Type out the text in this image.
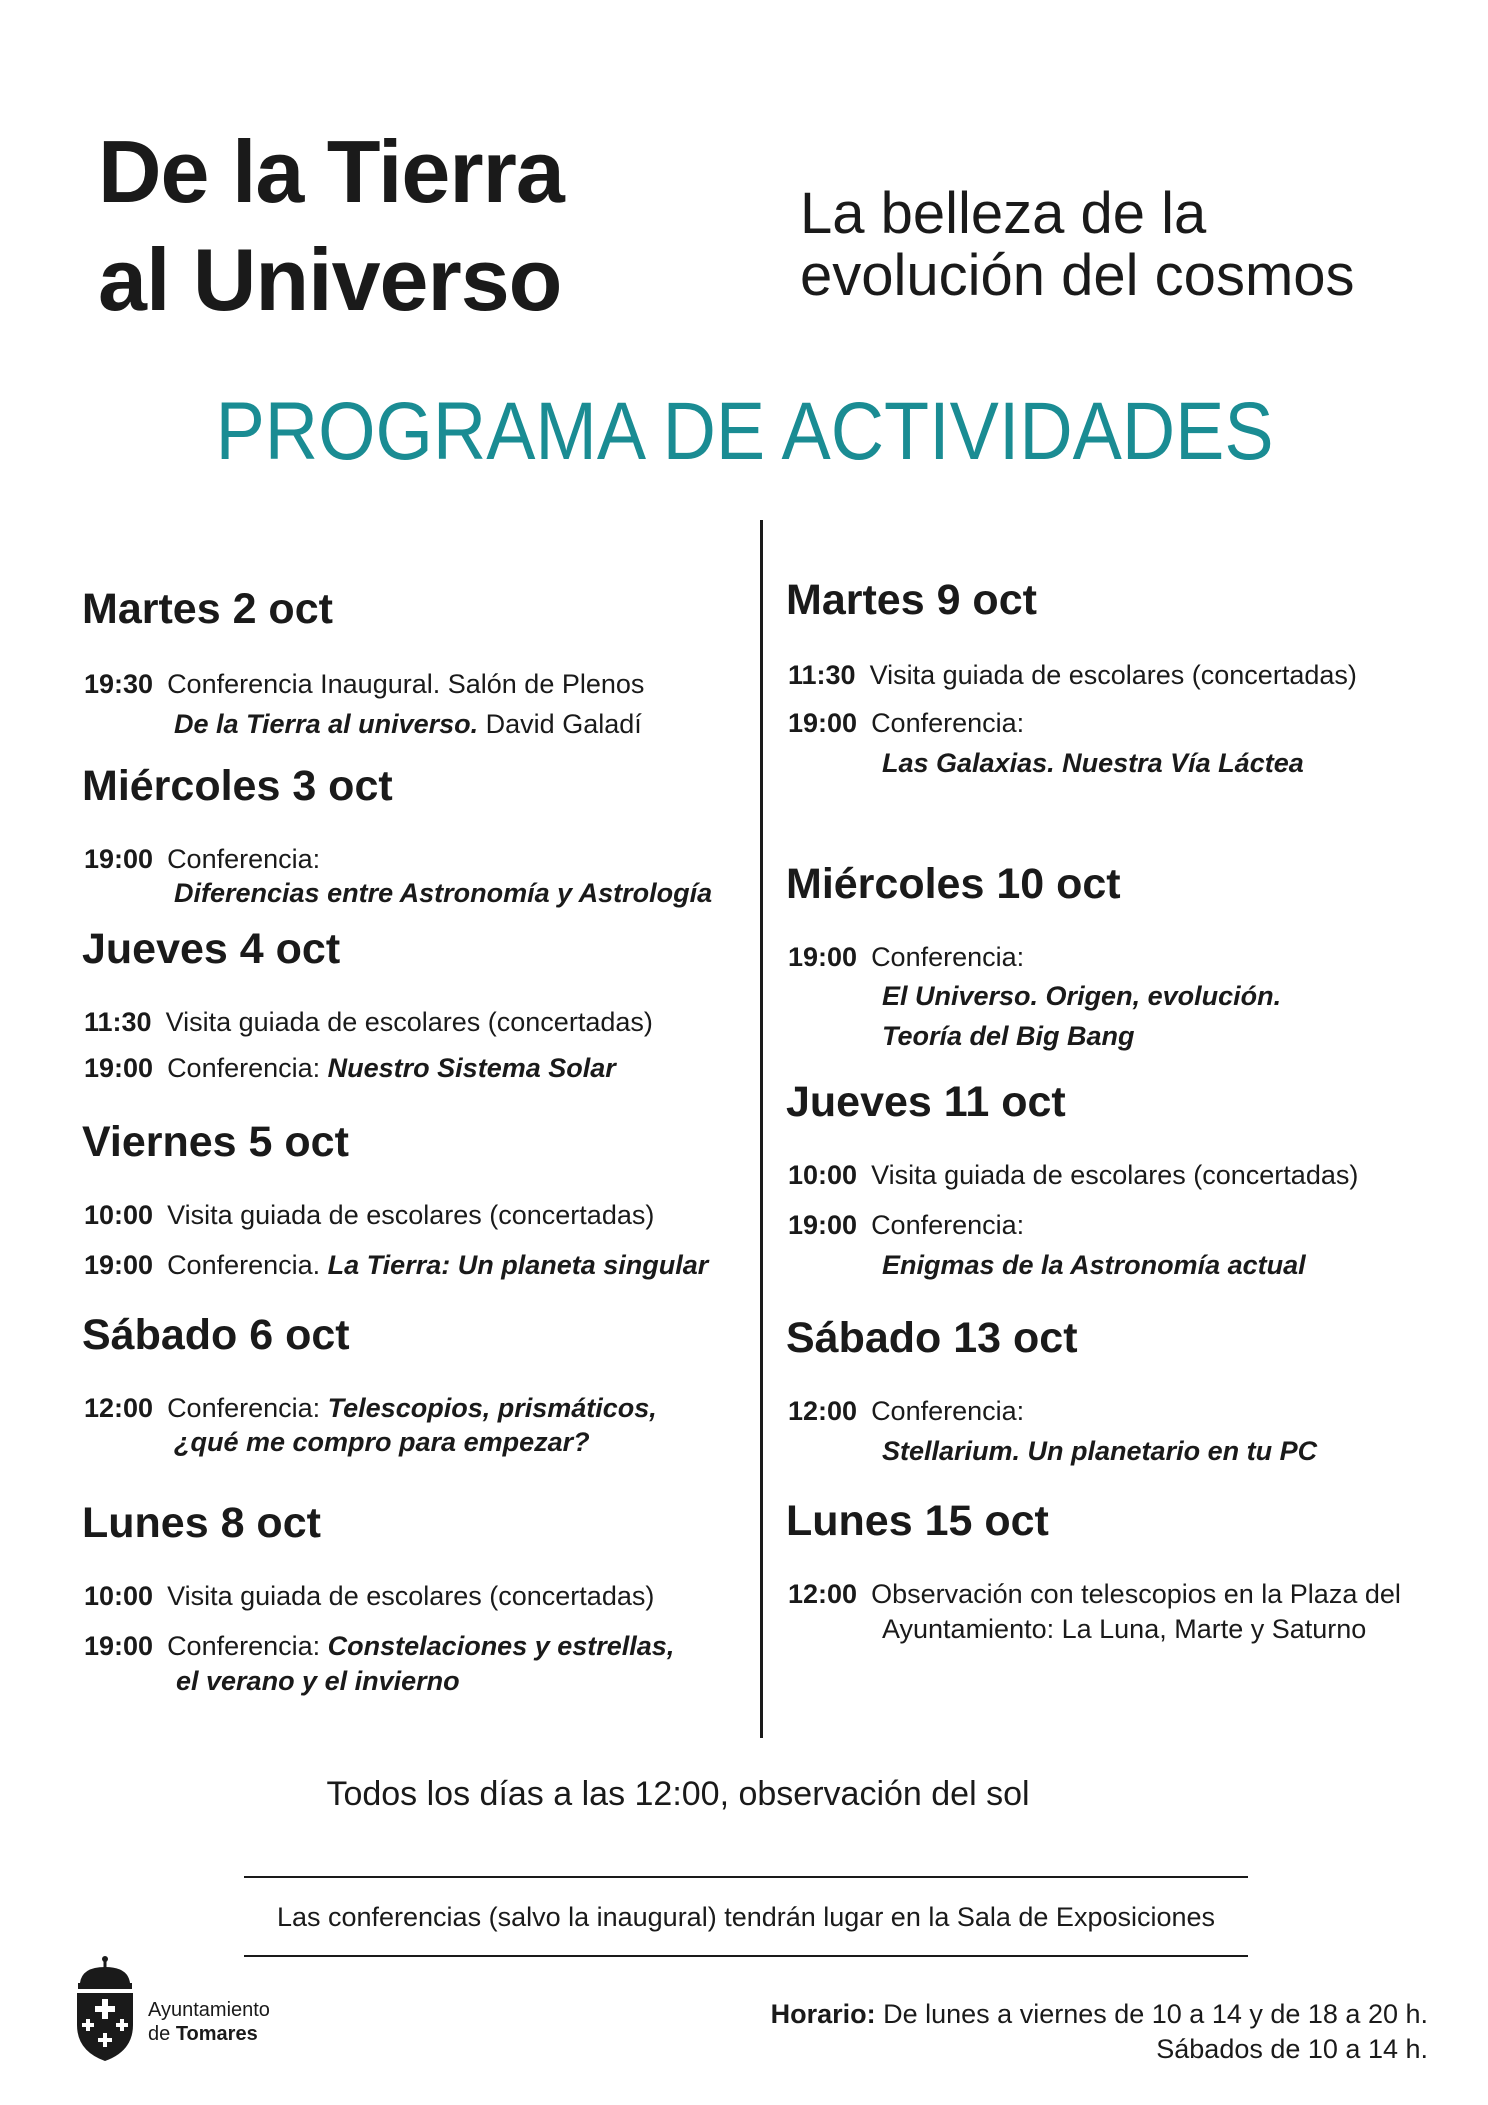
De la Tierra
al Universo
La belleza de la
evolución del cosmos
PROGRAMA DE ACTIVIDADES
Martes 2 oct
19:30 Conferencia Inaugural. Salón de Plenos
De la Tierra al universo. David Galadí
Miércoles 3 oct
19:00 Conferencia:
Diferencias entre Astronomía y Astrología
Jueves 4 oct
11:30 Visita guiada de escolares (concertadas)
19:00 Conferencia: Nuestro Sistema Solar
Viernes 5 oct
10:00 Visita guiada de escolares (concertadas)
19:00 Conferencia. La Tierra: Un planeta singular
Sábado 6 oct
12:00 Conferencia: Telescopios, prismáticos,
¿qué me compro para empezar?
Lunes 8 oct
10:00 Visita guiada de escolares (concertadas)
19:00 Conferencia: Constelaciones y estrellas,
el verano y el invierno
Martes 9 oct
11:30 Visita guiada de escolares (concertadas)
19:00 Conferencia:
Las Galaxias. Nuestra Vía Láctea
Miércoles 10 oct
19:00 Conferencia:
El Universo. Origen, evolución.
Teoría del Big Bang
Jueves 11 oct
10:00 Visita guiada de escolares (concertadas)
19:00 Conferencia:
Enigmas de la Astronomía actual
Sábado 13 oct
12:00 Conferencia:
Stellarium. Un planetario en tu PC
Lunes 15 oct
12:00 Observación con telescopios en la Plaza del
Ayuntamiento: La Luna, Marte y Saturno
Todos los días a las 12:00, observación del sol
Las conferencias (salvo la inaugural) tendrán lugar en la Sala de Exposiciones
Ayuntamiento
de Tomares
Horario: De lunes a viernes de 10 a 14 y de 18 a 20 h.
Sábados de 10 a 14 h.
